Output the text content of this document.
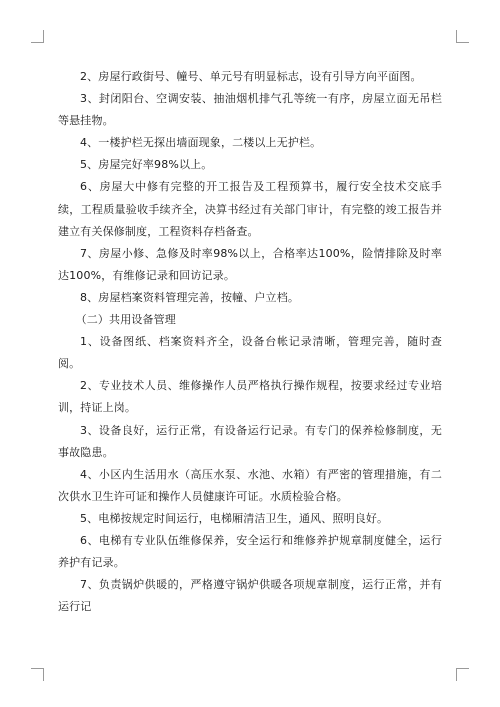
2、房屋行政街号、幢号、单元号有明显标志，设有引导方向平面图。

3、封闭阳台、空调安装、抽油烟机排气孔等统一有序，房屋立面无吊栏等悬挂物。

4、一楼护栏无探出墙面现象，二楼以上无护栏。

5、房屋完好率98%以上。

6、房屋大中修有完整的开工报告及工程预算书，履行安全技术交底手续，工程质量验收手续齐全，决算书经过有关部门审计，有完整的竣工报告并建立有关保修制度，工程资料存档备查。

7、房屋小修、急修及时率98%以上，合格率达100%，险情排除及时率达100%，有维修记录和回访记录。

8、房屋档案资料管理完善，按幢、户立档。

（二）共用设备管理

1、设备图纸、档案资料齐全，设备台帐记录清晰，管理完善，随时查阅。

2、专业技术人员、维修操作人员严格执行操作规程，按要求经过专业培训，持证上岗。

3、设备良好，运行正常，有设备运行记录。有专门的保养检修制度，无事故隐患。

4、小区内生活用水（高压水泵、水池、水箱）有严密的管理措施，有二次供水卫生许可证和操作人员健康许可证。水质检验合格。

5、电梯按规定时间运行，电梯厢清洁卫生，通风、照明良好。

6、电梯有专业队伍维修保养，安全运行和维修养护规章制度健全，运行养护有记录。

7、负责锅炉供暖的，严格遵守锅炉供暖各项规章制度，运行正常，并有运行记
